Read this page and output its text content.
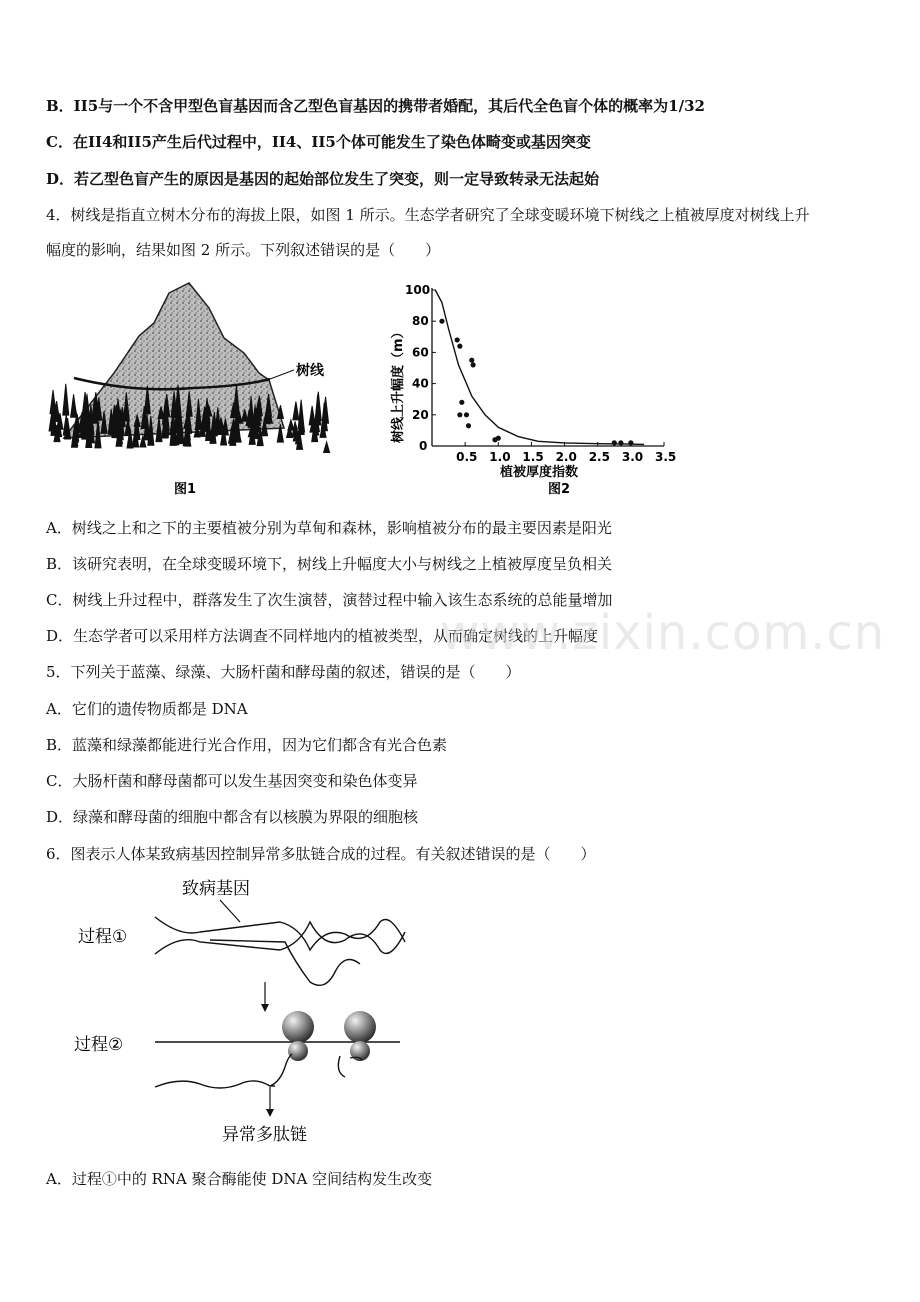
B．II5与一个不含甲型色盲基因而含乙型色盲基因的携带者婚配，其后代全色盲个体的概率为1/32
C．在II4和II5产生后代过程中，II4、II5个体可能发生了染色体畸变或基因突变
D．若乙型色盲产生的原因是基因的起始部位发生了突变，则一定导致转录无法起始
4．树线是指直立树木分布的海拔上限，如图 1 所示。生态学者研究了全球变暖环境下树线之上植被厚度对树线上升
幅度的影响，结果如图 2 所示。下列叙述错误的是（　　）
树线
图1
0.5 1.0 1.5 2.0 2.5 3.0 3.5
0
20
40
60
80
100
图2
植被厚度指数
树线上升幅度（m）
A．树线之上和之下的主要植被分别为草甸和森林，影响植被分布的最主要因素是阳光
B．该研究表明，在全球变暖环境下，树线上升幅度大小与树线之上植被厚度呈负相关
C．树线上升过程中，群落发生了次生演替，演替过程中输入该生态系统的总能量增加
D．生态学者可以采用样方法调查不同样地内的植被类型，从而确定树线的上升幅度
www.zixin.com.cn
5．下列关于蓝藻、绿藻、大肠杆菌和酵母菌的叙述，错误的是（　　）
A．它们的遗传物质都是 DNA
B．蓝藻和绿藻都能进行光合作用，因为它们都含有光合色素
C．大肠杆菌和酵母菌都可以发生基因突变和染色体变异
D．绿藻和酵母菌的细胞中都含有以核膜为界限的细胞核
6．图表示人体某致病基因控制异常多肽链合成的过程。有关叙述错误的是（　　）
致病基因
过程①
过程②
异常多肽链
A．过程①中的 RNA 聚合酶能使 DNA 空间结构发生改变
